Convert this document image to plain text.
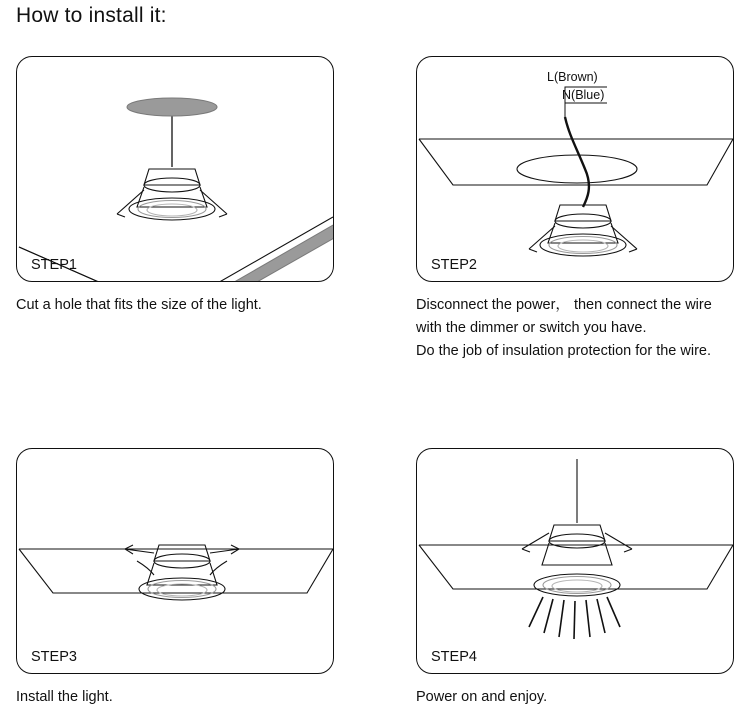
How to install it:
STEP1
Cut a hole that fits the size of the light.
L(Brown)
N(Blue)
STEP2
Disconnect the power， then connect the wire
with the dimmer or switch you have.
Do the job of insulation protection for the wire.
STEP3
Install the light.
STEP4
Power on and enjoy.
